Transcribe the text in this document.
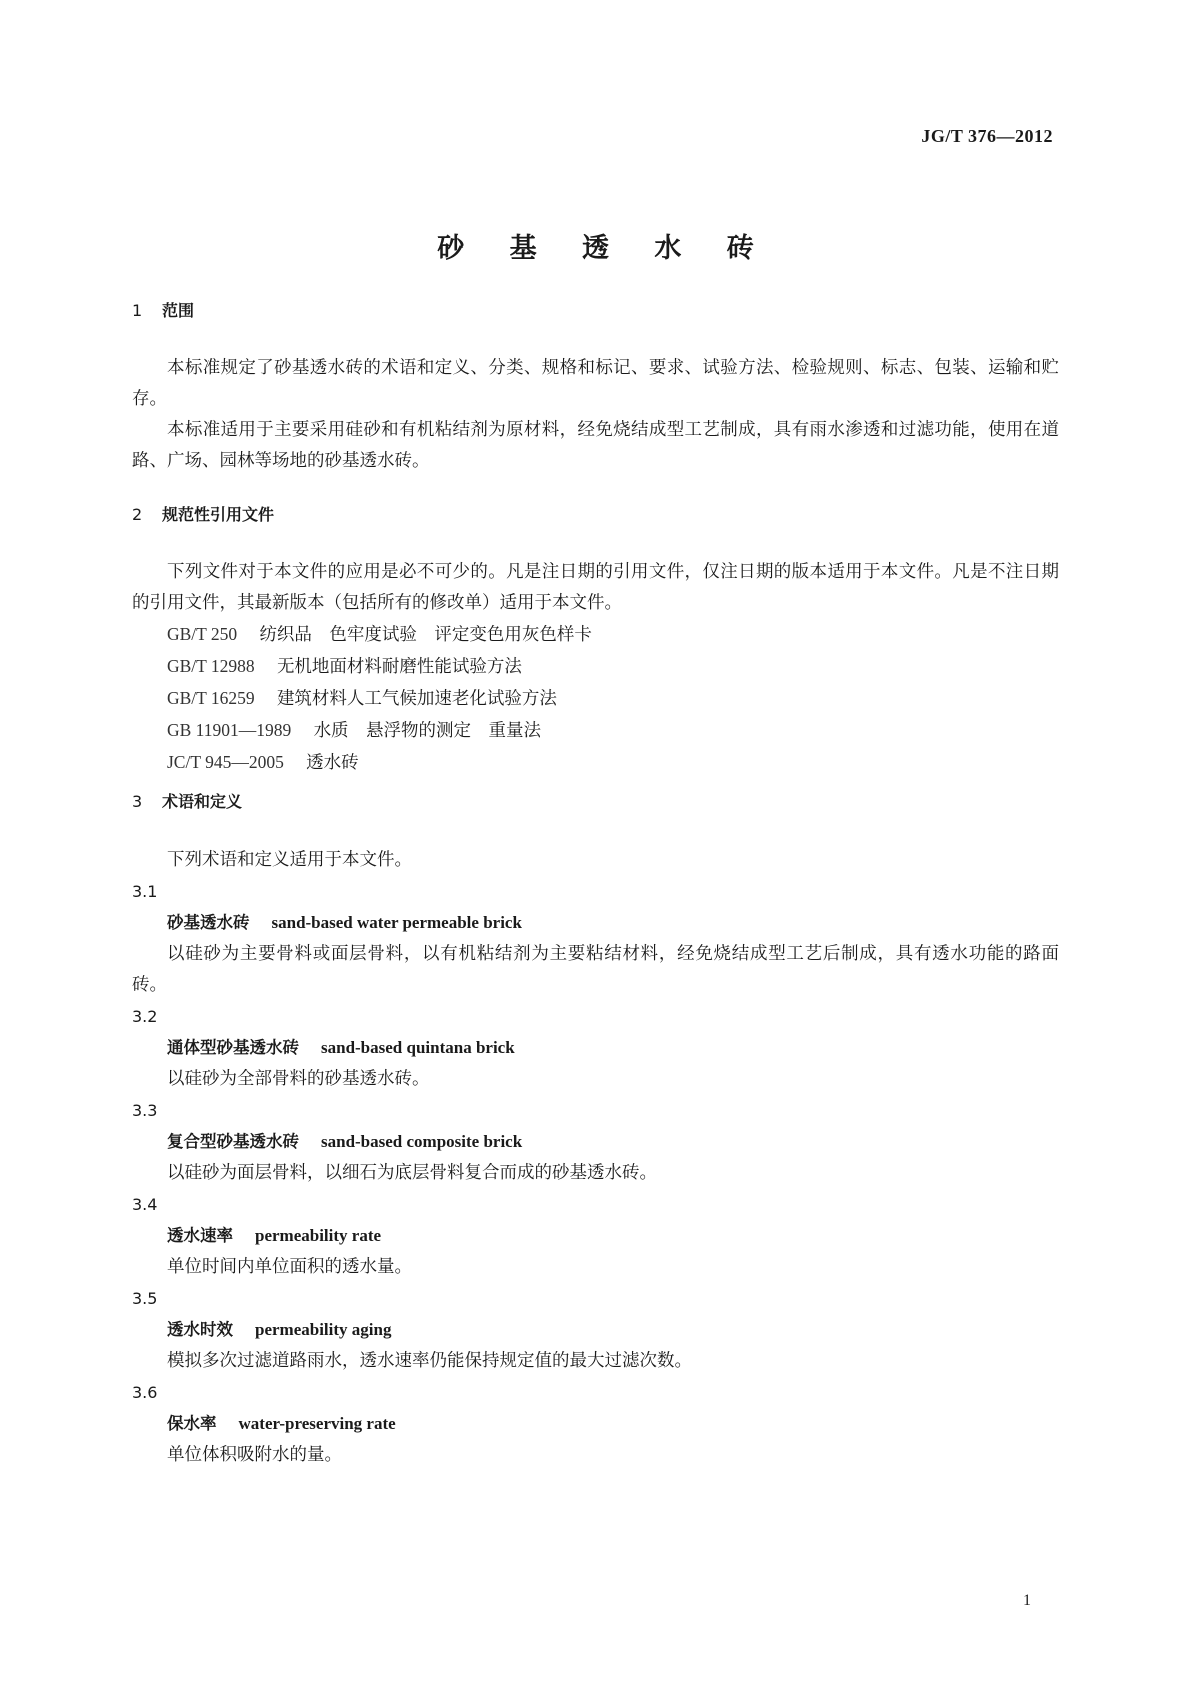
JG/T 376—2012
砂 基 透 水 砖
1 范围

本标准规定了砂基透水砖的术语和定义、分类、规格和标记、要求、试验方法、检验规则、标志、包装、运输和贮存。

本标准适用于主要采用硅砂和有机粘结剂为原材料，经免烧结成型工艺制成，具有雨水渗透和过滤功能，使用在道路、广场、园林等场地的砂基透水砖。

2 规范性引用文件

下列文件对于本文件的应用是必不可少的。凡是注日期的引用文件，仅注日期的版本适用于本文件。凡是不注日期的引用文件，其最新版本（包括所有的修改单）适用于本文件。

GB/T 250 纺织品　色牢度试验　评定变色用灰色样卡
GB/T 12988 无机地面材料耐磨性能试验方法
GB/T 16259 建筑材料人工气候加速老化试验方法
GB 11901—1989 水质　悬浮物的测定　重量法
JC/T 945—2005 透水砖
3 术语和定义

下列术语和定义适用于本文件。

3.1
砂基透水砖 sand-based water permeable brick

以硅砂为主要骨料或面层骨料，以有机粘结剂为主要粘结材料，经免烧结成型工艺后制成，具有透水功能的路面砖。

3.2
通体型砂基透水砖 sand-based quintana brick

以硅砂为全部骨料的砂基透水砖。

3.3
复合型砂基透水砖 sand-based composite brick

以硅砂为面层骨料，以细石为底层骨料复合而成的砂基透水砖。

3.4
透水速率 permeability rate

单位时间内单位面积的透水量。

3.5
透水时效 permeability aging

模拟多次过滤道路雨水，透水速率仍能保持规定值的最大过滤次数。

3.6
保水率 water-preserving rate

单位体积吸附水的量。

1
